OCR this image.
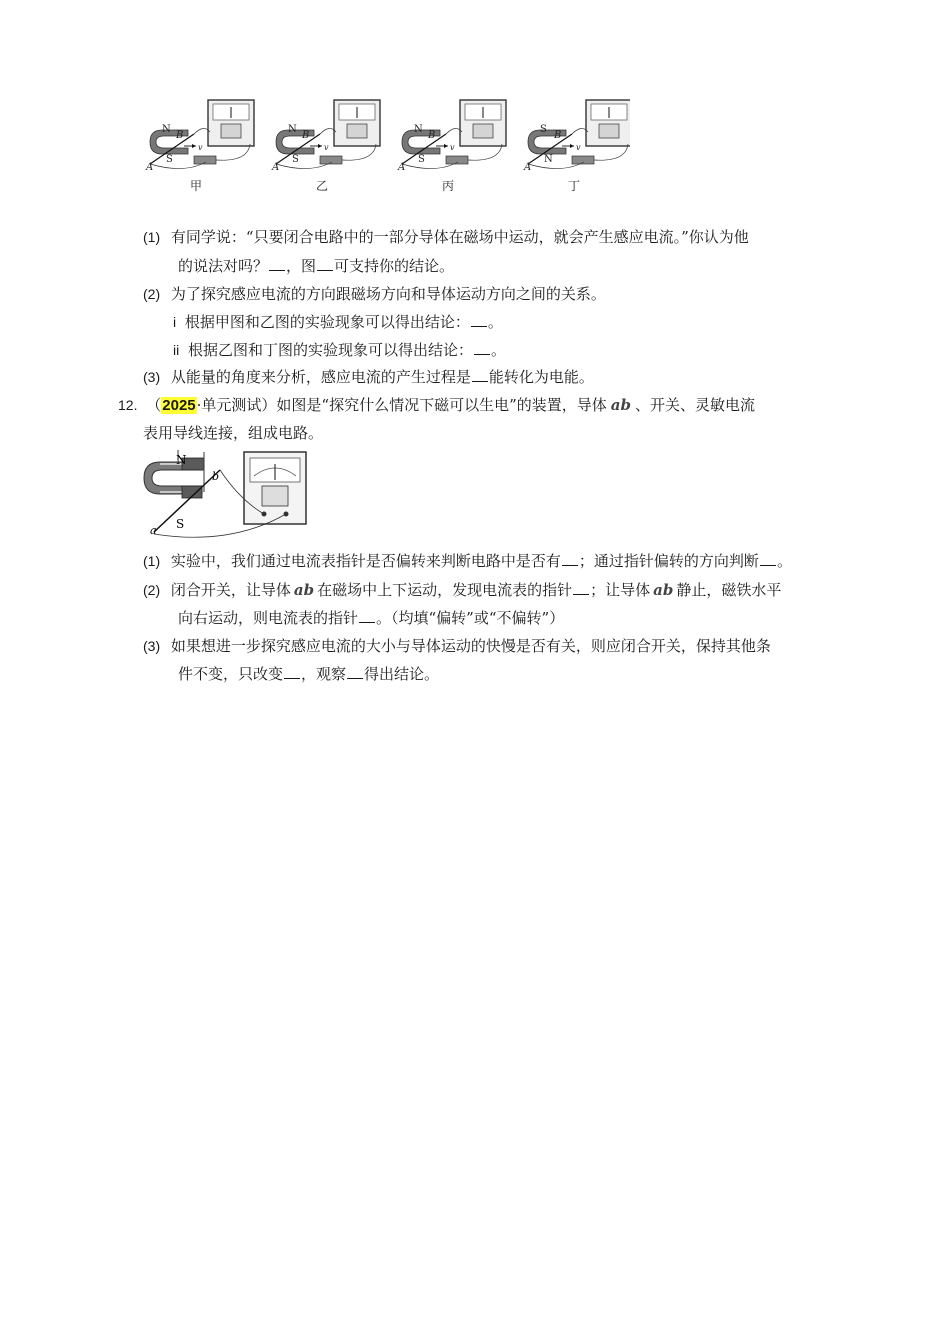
N
S
B
A
v
甲
N
S
B
A
v
乙
N
S
B
A
v
丙
S
N
B
A
v
丁
(1) 有同学说：“只要闭合电路中的一部分导体在磁场中运动，就会产生感应电流。”你认为他
的说法对吗？ ，图 可支持你的结论。
(2) 为了探究感应电流的方向跟磁场方向和导体运动方向之间的关系。
i 根据甲图和乙图的实验现象可以得出结论： 。
ii 根据乙图和丁图的实验现象可以得出结论： 。
(3) 从能量的角度来分析，感应电流的产生过程是 能转化为电能。
12. （2025·单元测试）如图是“探究什么情况下磁可以生电”的装置，导体 ab 、开关、灵敏电流
表用导线连接，组成电路。
N
S
a
b
(1) 实验中，我们通过电流表指针是否偏转来判断电路中是否有 ；通过指针偏转的方向判断 。
(2) 闭合开关，让导体 ab 在磁场中上下运动，发现电流表的指针 ；让导体 ab 静止，磁铁水平
向右运动，则电流表的指针 。（均填“偏转”或“不偏转”）
(3) 如果想进一步探究感应电流的大小与导体运动的快慢是否有关，则应闭合开关，保持其他条
件不变，只改变 ，观察 得出结论。
